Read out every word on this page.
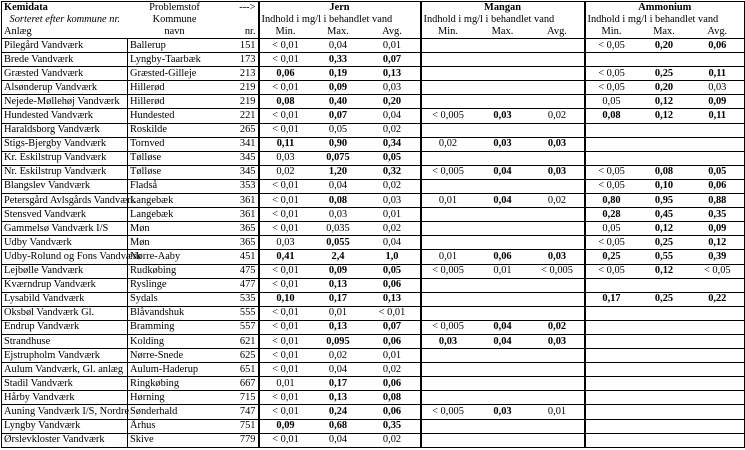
Kemidata	Problemstof	--->	Jern			Mangan			Ammonium		
Sorteret efter kommune nr.	Kommune		Indhold i mg/l i behandlet vand			Indhold i mg/l i behandlet vand			Indhold i mg/l i behandlet vand		
Anlæg	navn	nr.	Min.	Max.	Avg.	Min.	Max.	Avg.	Min.	Max.	Avg.
Pilegård Vandværk	Ballerup	151	< 0,01	0,04	0,01				< 0,05	0,20	0,06
Brede Vandværk	Lyngby-Taarbæk	173	< 0,01	0,33	0,07						
Græsted Vandværk	Græsted-Gilleje	213	0,06	0,19	0,13				< 0,05	0,25	0,11
Alsønderup Vandværk	Hillerød	219	< 0,01	0,09	0,03				< 0,05	0,20	0,03
Nejede-Møllehøj Vandværk	Hillerød	219	0,08	0,40	0,20				0,05	0,12	0,09
Hundested Vandværk	Hundested	221	< 0,01	0,07	0,04	< 0,005	0,03	0,02	0,08	0,12	0,11
Haraldsborg Vandværk	Roskilde	265	< 0,01	0,05	0,02						
Stigs-Bjergby Vandværk	Tornved	341	0,11	0,90	0,34	0,02	0,03	0,03			
Kr. Eskilstrup Vandværk	Tølløse	345	0,03	0,075	0,05						
Nr. Eskilstrup Vandværk	Tølløse	345	0,02	1,20	0,32	< 0,005	0,04	0,03	< 0,05	0,08	0,05
Blangslev Vandværk	Fladså	353	< 0,01	0,04	0,02				< 0,05	0,10	0,06
Petersgård Avlsgårds Vandværk	Langebæk	361	< 0,01	0,08	0,03	0,01	0,04	0,02	0,80	0,95	0,88
Stensved Vandværk	Langebæk	361	< 0,01	0,03	0,01				0,28	0,45	0,35
Gammelsø Vandværk I/S	Møn	365	< 0,01	0,035	0,02				0,05	0,12	0,09
Udby Vandværk	Møn	365	0,03	0,055	0,04				< 0,05	0,25	0,12
Udby-Rolund og Fons Vandværk	Nørre-Aaby	451	0,41	2,4	1,0	0,01	0,06	0,03	0,25	0,55	0,39
Lejbølle Vandværk	Rudkøbing	475	< 0,01	0,09	0,05	< 0,005	0,01	< 0,005	< 0,05	0,12	< 0,05
Kværndrup Vandværk	Ryslinge	477	< 0,01	0,13	0,06						
Lysabild Vandværk	Sydals	535	0,10	0,17	0,13				0,17	0,25	0,22
Oksbøl Vandværk Gl.	Blåvandshuk	555	< 0,01	0,01	< 0,01						
Endrup Vandværk	Bramming	557	< 0,01	0,13	0,07	< 0,005	0,04	0,02			
Strandhuse	Kolding	621	< 0,01	0,095	0,06	0,03	0,04	0,03			
Ejstrupholm Vandværk	Nørre-Snede	625	< 0,01	0,02	0,01						
Aulum Vandværk, Gl. anlæg	Aulum-Haderup	651	< 0,01	0,04	0,02						
Stadil Vandværk	Ringkøbing	667	0,01	0,17	0,06						
Hårby Vandværk	Hørning	715	< 0,01	0,13	0,08						
Auning Vandværk I/S, Nordre	Sønderhald	747	< 0,01	0,24	0,06	< 0,005	0,03	0,01			
Lyngby Vandværk	Århus	751	0,09	0,68	0,35						
Ørslevkloster Vandværk	Skive	779	< 0,01	0,04	0,02						
